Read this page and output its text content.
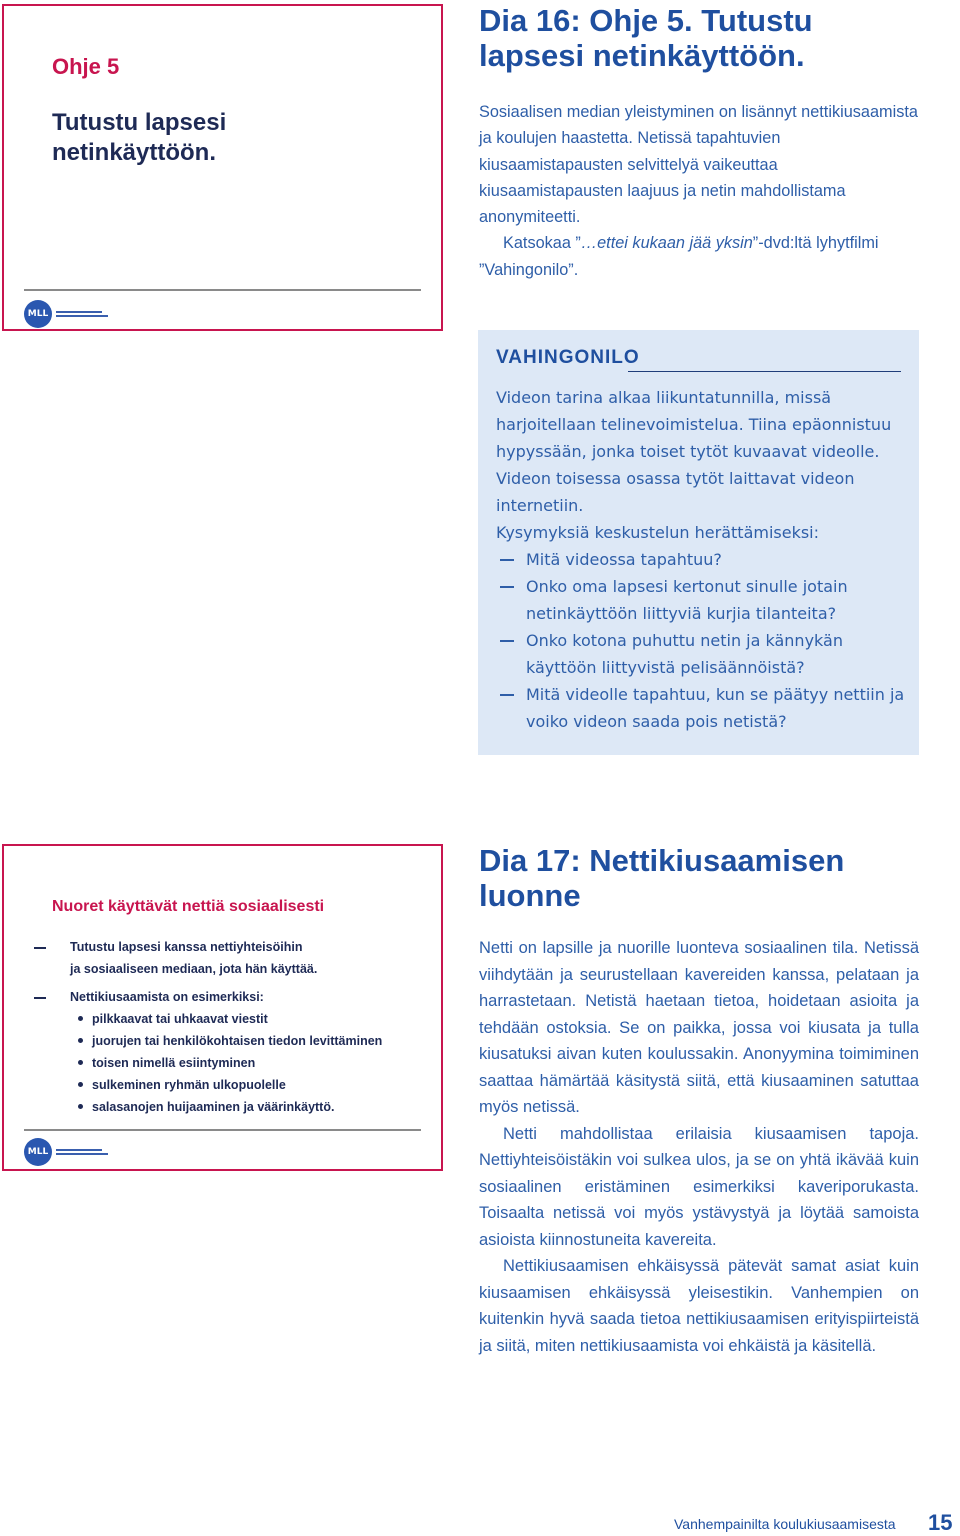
Ohje 5
Tutustu lapsesi
netinkäyttöön.
MLL
Dia 16: Ohje 5. Tutustu
lapsesi netinkäyttöön.

Sosiaalisen median yleistyminen on lisännyt nettikiusaamista ja koulujen haastetta. Netissä tapahtuvien kiusaamistapausten selvittelyä vaikeuttaa kiusaamistapausten laajuus ja netin mahdollistama anonymiteetti.

Katsokaa ”…ettei kukaan jää yksin”-dvd:ltä lyhytfilmi ”Vahingonilo”.

VAHINGONILO

Videon tarina alkaa liikuntatunnilla, missä harjoitellaan telinevoimistelua. Tiina epäonnistuu hypyssään, jonka toiset tytöt kuvaavat videolle. Videon toisessa osassa tytöt laittavat videon internetiin.

Kysymyksiä keskustelun herättämiseksi:

Mitä videossa tapahtuu?
Onko oma lapsesi kertonut sinulle jotain netinkäyttöön liittyviä kurjia tilanteita?
Onko kotona puhuttu netin ja kännykän käyttöön liittyvistä pelisäännöistä?
Mitä videolle tapahtuu, kun se päätyy nettiin ja voiko videon saada pois netistä?
Nuoret käyttävät nettiä sosiaalisesti
Tutustu lapsesi kanssa nettiyhteisöihin
ja sosiaaliseen mediaan, jota hän käyttää.
Nettikiusaamista on esimerkiksi:
pilkkaavat tai uhkaavat viestit
juorujen tai henkilökohtaisen tiedon levittäminen
toisen nimellä esiintyminen
sulkeminen ryhmän ulkopuolelle
salasanojen huijaaminen ja väärinkäyttö.
MLL
Dia 17: Nettikiusaamisen
luonne

Netti on lapsille ja nuorille luonteva sosiaalinen tila. Netissä viihdytään ja seurustellaan kavereiden kanssa, pelataan ja harrastetaan. Netistä haetaan tietoa, hoidetaan asioita ja tehdään ostoksia. Se on paikka, jossa voi kiusata ja tulla kiusatuksi aivan kuten koulussakin. Anonyymina toimiminen saattaa hämärtää käsitystä siitä, että kiusaaminen satuttaa myös netissä.

Netti mahdollistaa erilaisia kiusaamisen tapoja. Nettiyhteisöistäkin voi sulkea ulos, ja se on yhtä ikävää kuin sosiaalinen eristäminen esimerkiksi kaveriporukasta. Toisaalta netissä voi myös ystävystyä ja löytää samoista asioista kiinnostuneita kavereita.

Nettikiusaamisen ehkäisyssä pätevät samat asiat kuin kiusaamisen ehkäisyssä yleisestikin. Vanhempien on kuitenkin hyvä saada tietoa nettikiusaamisen erityispiirteistä ja siitä, miten nettikiusaamista voi ehkäistä ja käsitellä.

Vanhempainilta koulukiusaamisesta 15
